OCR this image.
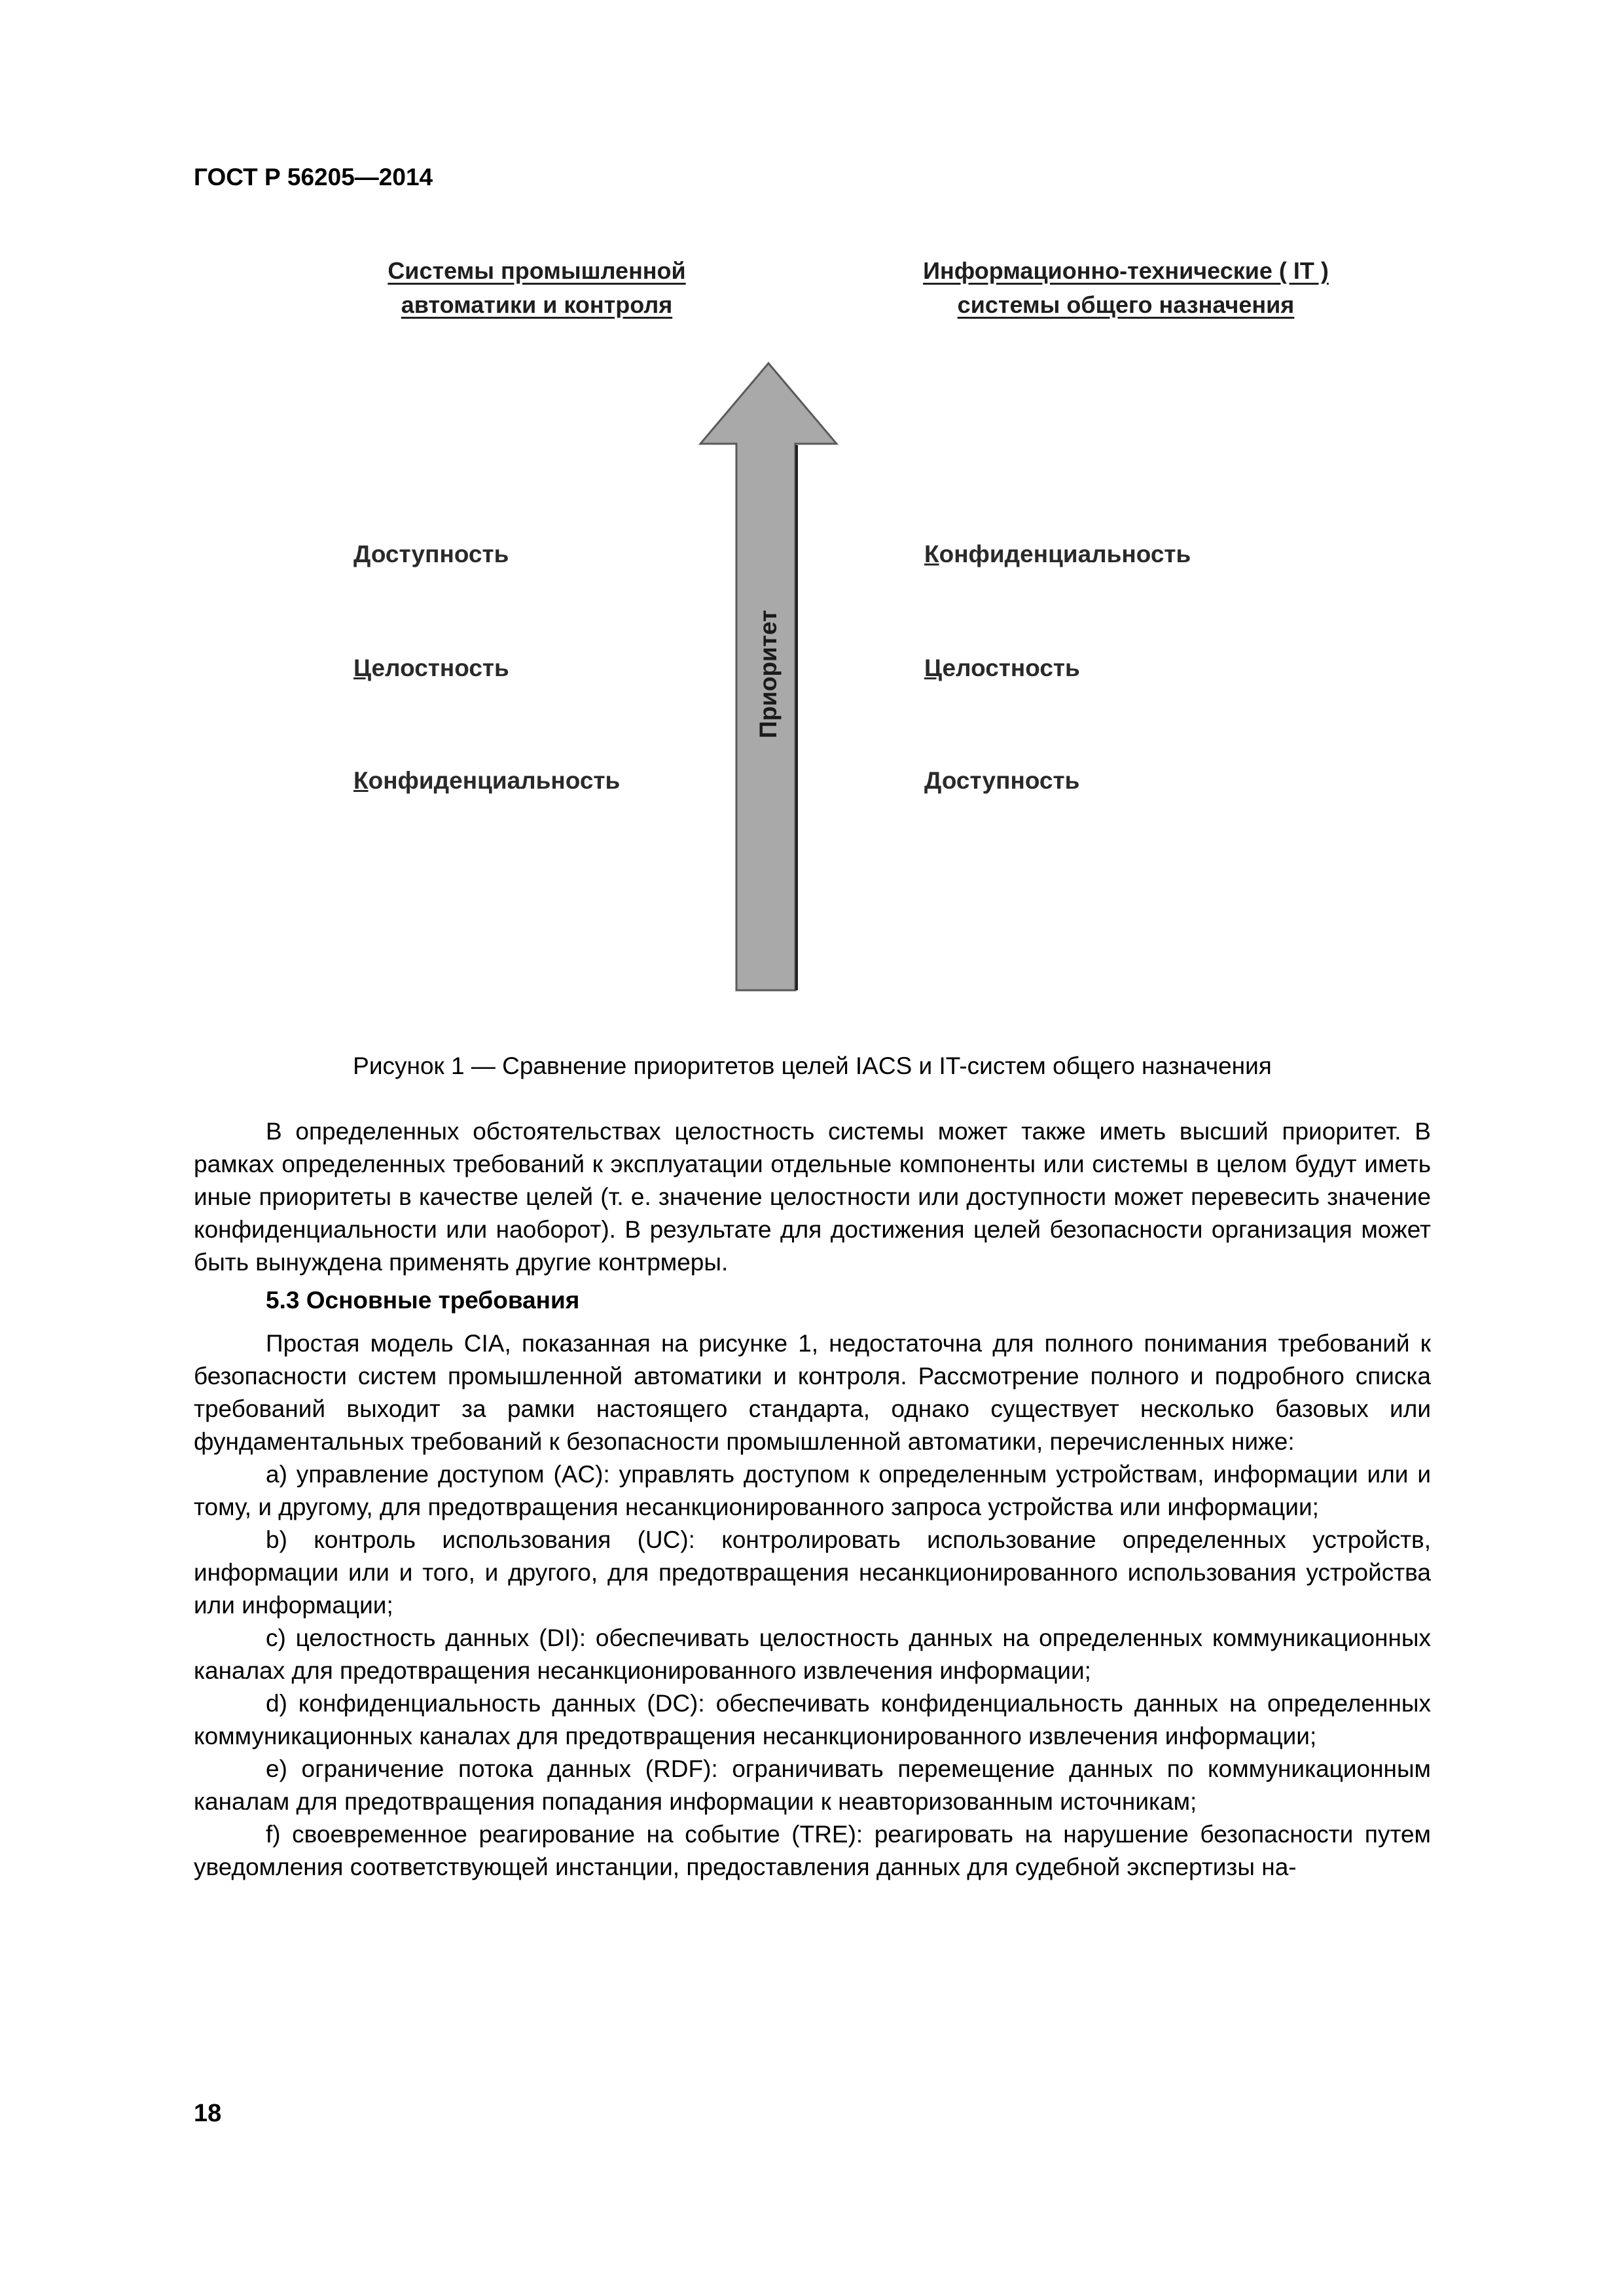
ГОСТ Р 56205—2014
Системы промышленной
автоматики и контроля
Информационно-технические ( IT )
системы общего назначения
Доступность
Целостность
Конфиденциальность
Конфиденциальность
Целостность
Доступность
Приоритет
Рисунок 1 — Сравнение приоритетов целей IACS и IT-систем общего назначения

В определенных обстоятельствах целостность системы может также иметь высший приоритет. В рамках определенных требований к эксплуатации отдельные компоненты или системы в целом будут иметь иные приоритеты в качестве целей (т. е. значение целостности или доступности может перевесить значение конфиденциальности или наоборот). В результате для достижения целей безопасности организация может быть вынуждена применять другие контрмеры.

5.3 Основные требования

Простая модель CIA, показанная на рисунке 1, недостаточна для полного понимания требований к безопасности систем промышленной автоматики и контроля. Рассмотрение полного и подробного списка требований выходит за рамки настоящего стандарта, однако существует несколько базовых или фундаментальных требований к безопасности промышленной автоматики, перечисленных ниже:

а) управление доступом (AC): управлять доступом к определенным устройствам, информации или и тому, и другому, для предотвращения несанкционированного запроса устройства или информации;

b) контроль использования (UC): контролировать использование определенных устройств, информации или и того, и другого, для предотвращения несанкционированного использования устройства или информации;

c) целостность данных (DI): обеспечивать целостность данных на определенных коммуникационных каналах для предотвращения несанкционированного извлечения информации;

d) конфиденциальность данных (DC): обеспечивать конфиденциальность данных на определенных коммуникационных каналах для предотвращения несанкционированного извлечения информации;

e) ограничение потока данных (RDF): ограничивать перемещение данных по коммуникационным каналам для предотвращения попадания информации к неавторизованным источникам;

f) своевременное реагирование на событие (TRE): реагировать на нарушение безопасности путем уведомления соответствующей инстанции, предоставления данных для судебной экспертизы на-

18
